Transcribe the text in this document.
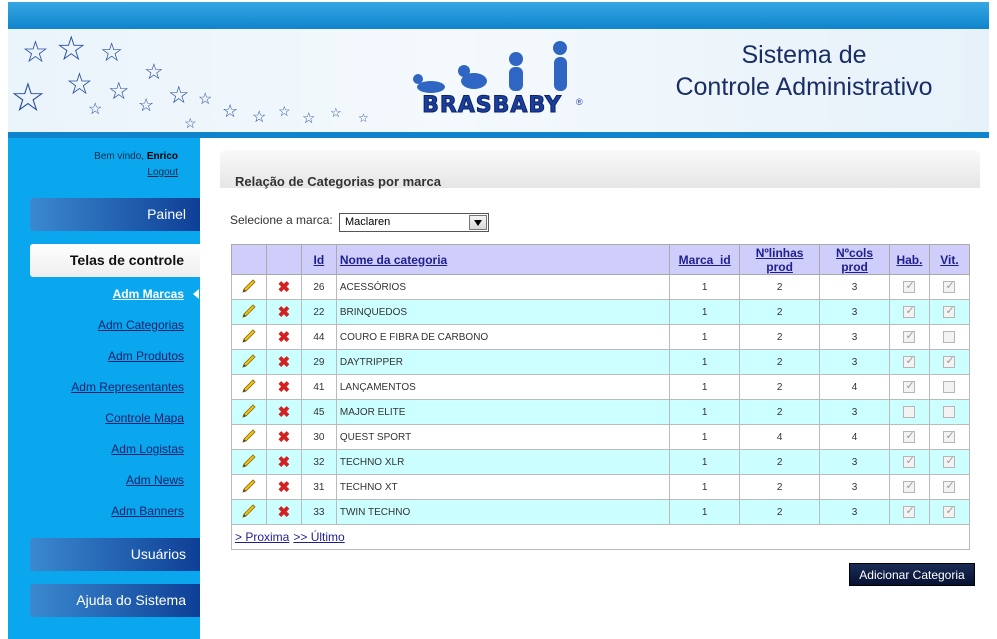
☆ ☆ ☆
☆ ☆ ☆
☆
☆
☆	☆
☆ ☆ ☆ ☆ ☆ ☆
☆
☆	BRASBABY	®
Sistema de
Controle Administrativo
Bem vindo, Enrico
Logout
Painel
Telas de controle
Adm Marcas
Adm Categorias
Adm Produtos
Adm Representantes
Controle Mapa
Adm Logistas
Adm News
Adm Banners
Usuários
Ajuda do Sistema
Relação de Categorias por marca
Selecione a marca:	Maclaren
		Id	Nome da categoria	Marca_id	Nºlinhas prod	Nºcols prod	Hab.	Vit.
	✖	26	ACESSÓRIOS	1	2	3	✓	✓
	✖	22	BRINQUEDOS	1	2	3	✓	✓
	✖	44	COURO E FIBRA DE CARBONO	1	2	3	✓	
	✖	29	DAYTRIPPER	1	2	3	✓	✓
	✖	41	LANÇAMENTOS	1	2	4	✓	
	✖	45	MAJOR ELITE	1	2	3		
	✖	30	QUEST SPORT	1	4	4	✓	✓
	✖	32	TECHNO XLR	1	2	3	✓	✓
	✖	31	TECHNO XT	1	2	3	✓	✓
	✖	33	TWIN TECHNO	1	2	3	✓	✓
> Proxima >> Último								
Adicionar Categoria
